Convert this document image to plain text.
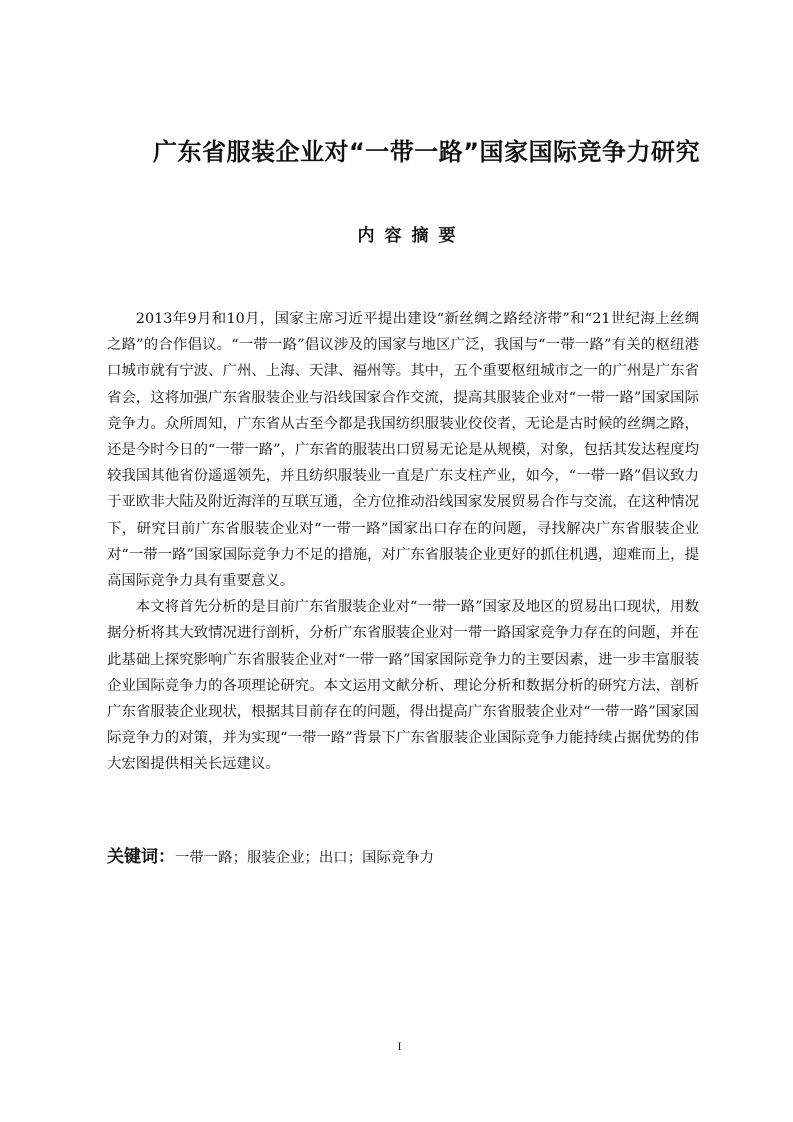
广东省服装企业对“一带一路”国家国际竞争力研究
内容摘要

2013年9月和10月，国家主席习近平提出建设“新丝绸之路经济带”和“21世纪海上丝绸之路”的合作倡议。“一带一路”倡议涉及的国家与地区广泛，我国与“一带一路”有关的枢纽港口城市就有宁波、广州、上海、天津、福州等。其中，五个重要枢纽城市之一的广州是广东省省会，这将加强广东省服装企业与沿线国家合作交流，提高其服装企业对“一带一路”国家国际竞争力。众所周知，广东省从古至今都是我国纺织服装业佼佼者，无论是古时候的丝绸之路，还是今时今日的“一带一路”，广东省的服装出口贸易无论是从规模，对象，包括其发达程度均较我国其他省份遥遥领先，并且纺织服装业一直是广东支柱产业，如今，“一带一路”倡议致力于亚欧非大陆及附近海洋的互联互通，全方位推动沿线国家发展贸易合作与交流，在这种情况下，研究目前广东省服装企业对“一带一路”国家出口存在的问题，寻找解决广东省服装企业对“一带一路”国家国际竞争力不足的措施，对广东省服装企业更好的抓住机遇，迎难而上，提高国际竞争力具有重要意义。

本文将首先分析的是目前广东省服装企业对“一带一路”国家及地区的贸易出口现状，用数据分析将其大致情况进行剖析，分析广东省服装企业对一带一路国家竞争力存在的问题，并在此基础上探究影响广东省服装企业对“一带一路”国家国际竞争力的主要因素，进一步丰富服装企业国际竞争力的各项理论研究。本文运用文献分析、理论分析和数据分析的研究方法，剖析广东省服装企业现状，根据其目前存在的问题，得出提高广东省服装企业对“一带一路”国家国际竞争力的对策，并为实现“一带一路”背景下广东省服装企业国际竞争力能持续占据优势的伟大宏图提供相关长远建议。

关键词：一带一路；服装企业；出口；国际竞争力
I
